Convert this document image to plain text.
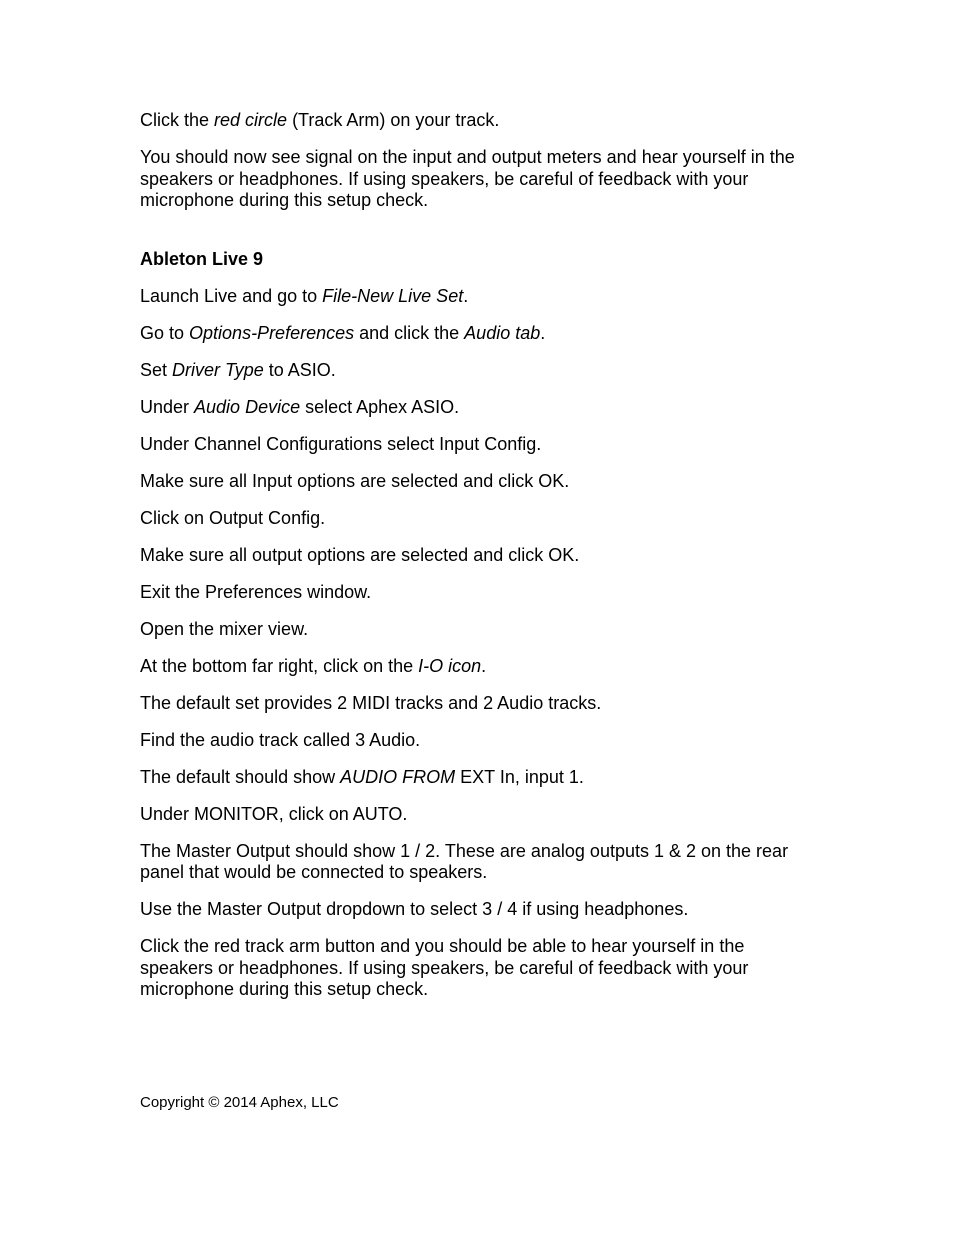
Click the red circle (Track Arm) on your track.

You should now see signal on the input and output meters and hear yourself in the speakers or headphones. If using speakers, be careful of feedback with your microphone during this setup check.

Ableton Live 9

Launch Live and go to File-New Live Set.

Go to Options-Preferences and click the Audio tab.

Set Driver Type to ASIO.

Under Audio Device select Aphex ASIO.

Under Channel Configurations select Input Config.

Make sure all Input options are selected and click OK.

Click on Output Config.

Make sure all output options are selected and click OK.

Exit the Preferences window.

Open the mixer view.

At the bottom far right, click on the I-O icon.

The default set provides 2 MIDI tracks and 2 Audio tracks.

Find the audio track called 3 Audio.

The default should show AUDIO FROM EXT In, input 1.

Under MONITOR, click on AUTO.

The Master Output should show 1 / 2. These are analog outputs 1 & 2 on the rear panel that would be connected to speakers.

Use the Master Output dropdown to select 3 / 4 if using headphones.

Click the red track arm button and you should be able to hear yourself in the speakers or headphones. If using speakers, be careful of feedback with your microphone during this setup check.

Copyright © 2014 Aphex, LLC
